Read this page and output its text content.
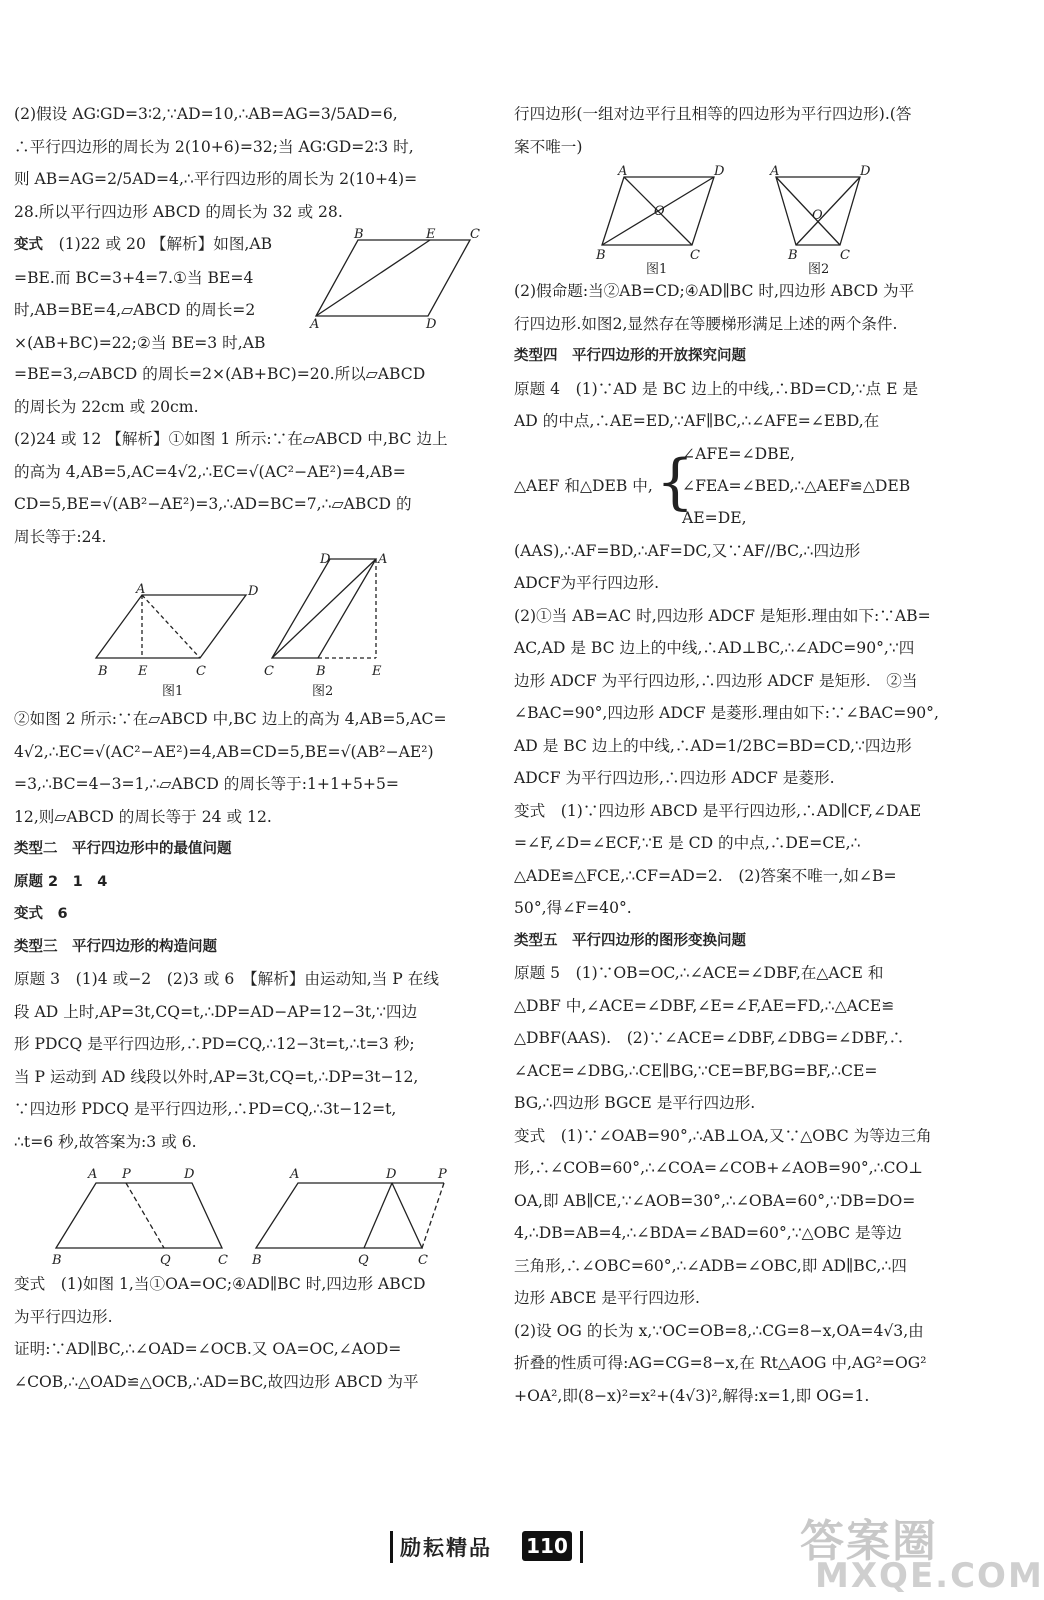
(2)假设 AG∶GD=3∶2,∵AD=10,∴AB=AG=3/5AD=6,

∴平行四边形的周长为 2(10+6)=32;当 AG∶GD=2∶3 时,

则 AB=AG=2/5AD=4,∴平行四边形的周长为 2(10+4)=

28.所以平行四边形 ABCD 的周长为 32 或 28.

变式　 (1)22 或 20 【解析】如图,AB

=BE.而 BC=3+4=7.①当 BE=4

时,AB=BE=4,▱ABCD 的周长=2

×(AB+BC)=22;②当 BE=3 时,AB

B	E	C
A	D

=BE=3,▱ABCD 的周长=2×(AB+BC)=20.所以▱ABCD

的周长为 22cm 或 20cm.

(2)24 或 12 【解析】①如图 1 所示:∵在▱ABCD 中,BC 边上

的高为 4,AB=5,AC=4√2,∴EC=√(AC²−AE²)=4,AB=

CD=5,BE=√(AB²−AE²)=3,∴AD=BC=7,∴▱ABCD 的

周长等于:24.

A	D
B E	C
D	A
C	B	E
图1	图2

②如图 2 所示:∵在▱ABCD 中,BC 边上的高为 4,AB=5,AC=

4√2,∴EC=√(AC²−AE²)=4,AB=CD=5,BE=√(AB²−AE²)

=3,∴BC=4−3=1,∴▱ABCD 的周长等于:1+1+5+5=

12,则▱ABCD 的周长等于 24 或 12.

类型二　平行四边形中的最值问题

原题 2　1　4

变式　6

类型三　平行四边形的构造问题

原题 3　(1)4 或−2　(2)3 或 6　【解析】由运动知,当 P 在线

段 AD 上时,AP=3t,CQ=t,∴DP=AD−AP=12−3t,∵四边

形 PDCQ 是平行四边形,∴PD=CQ,∴12−3t=t,∴t=3 秒;

当 P 运动到 AD 线段以外时,AP=3t,CQ=t,∴DP=3t−12,

∵四边形 PDCQ 是平行四边形,∴PD=CQ,∴3t−12=t,

∴t=6 秒,故答案为:3 或 6.

A P	D
B	Q	C
A	D	P
B	Q	C

变式　(1)如图 1,当①OA=OC;④AD∥BC 时,四边形 ABCD

为平行四边形.

证明:∵AD∥BC,∴∠OAD=∠OCB.又 OA=OC,∠AOD=

∠COB,∴△OAD≌△OCB,∴AD=BC,故四边形 ABCD 为平

行四边形(一组对边平行且相等的四边形为平行四边形).(答

案不唯一)

A	D
O
B	C
A	D
O
B	C
图1	图2

(2)假命题:当②AB=CD;④AD∥BC 时,四边形 ABCD 为平

行四边形.如图2,显然存在等腰梯形满足上述的两个条件.

类型四　平行四边形的开放探究问题

原题 4　(1)∵AD 是 BC 边上的中线,∴BD=CD,∵点 E 是

AD 的中点,∴AE=ED,∵AF∥BC,∴∠AFE=∠EBD,在

△AEF 和△DEB 中, {
∠AFE=∠DBE,
∠FEA=∠BED,∴△AEF≌△DEB
AE=DE,

(AAS),∴AF=BD,∴AF=DC,又∵AF//BC,∴四边形

ADCF为平行四边形.

(2)①当 AB=AC 时,四边形 ADCF 是矩形.理由如下:∵AB=

AC,AD 是 BC 边上的中线,∴AD⊥BC,∴∠ADC=90°,∵四

边形 ADCF 为平行四边形,∴四边形 ADCF 是矩形.　②当

∠BAC=90°,四边形 ADCF 是菱形.理由如下:∵∠BAC=90°,

AD 是 BC 边上的中线,∴AD=1/2BC=BD=CD,∵四边形

ADCF 为平行四边形,∴四边形 ADCF 是菱形.

变式　(1)∵四边形 ABCD 是平行四边形,∴AD∥CF,∠DAE

=∠F,∠D=∠ECF,∵E 是 CD 的中点,∴DE=CE,∴

△ADE≌△FCE,∴CF=AD=2.　(2)答案不唯一,如∠B=

50°,得∠F=40°.

类型五　平行四边形的图形变换问题

原题 5　(1)∵OB=OC,∴∠ACE=∠DBF,在△ACE 和

△DBF 中,∠ACE=∠DBF,∠E=∠F,AE=FD,∴△ACE≌

△DBF(AAS).　(2)∵∠ACE=∠DBF,∠DBG=∠DBF,∴

∠ACE=∠DBG,∴CE∥BG,∵CE=BF,BG=BF,∴CE=

BG,∴四边形 BGCE 是平行四边形.

变式　(1)∵∠OAB=90°,∴AB⊥OA,又∵△OBC 为等边三角

形,∴∠COB=60°,∴∠COA=∠COB+∠AOB=90°,∴CO⊥

OA,即 AB∥CE,∵∠AOB=30°,∴∠OBA=60°,∵DB=DO=

4,∴DB=AB=4,∴∠BDA=∠BAD=60°,∵△OBC 是等边

三角形,∴∠OBC=60°,∴∠ADB=∠OBC,即 AD∥BC,∴四

边形 ABCE 是平行四边形.

(2)设 OG 的长为 x,∵OC=OB=8,∴CG=8−x,OA=4√3,由

折叠的性质可得:AG=CG=8−x,在 Rt△AOG 中,AG²=OG²

+OA²,即(8−x)²=x²+(4√3)²,解得:x=1,即 OG=1.

励耘精品 110	答案圈
MXQE.COM
